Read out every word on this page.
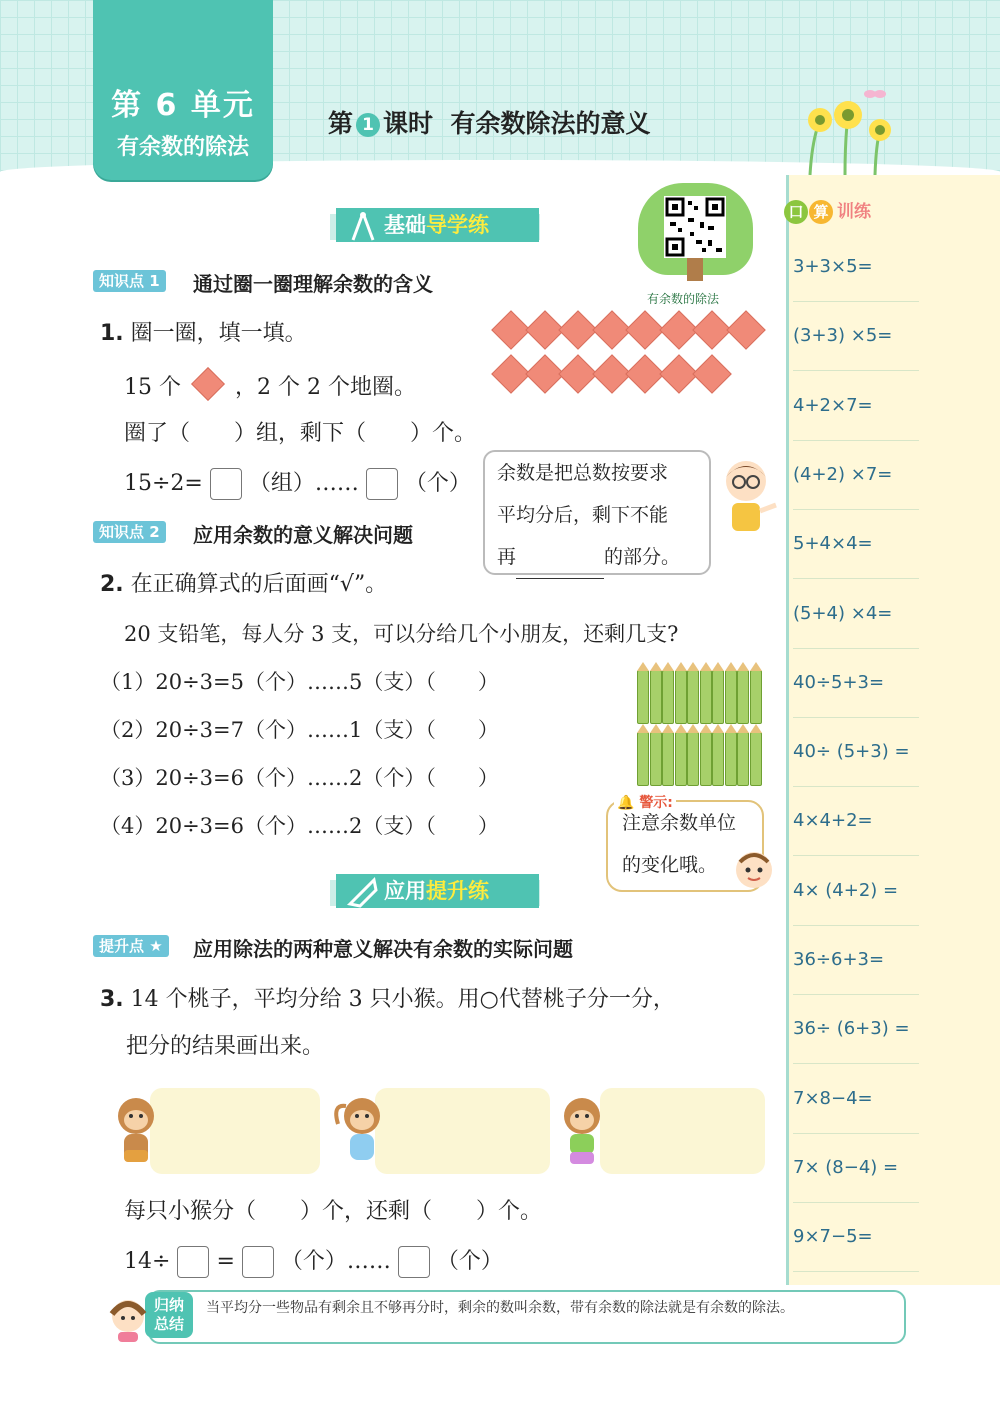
第 6 单元
有余数的除法
第 1 课时 有余数除法的意义
口 算 训练
3+3×5=
(3+3) ×5=
4+2×7=
(4+2) ×7=
5+4×4=
(5+4) ×4=
40÷5+3=
40÷ (5+3) =
4×4+2=
4× (4+2) =
36÷6+3=
36÷ (6+3) =
7×8−4=
7× (8−4) =
9×7−5=
有余数的除法
基础导学练
知识点 1	通过圈一圈理解余数的含义
1. 圈一圈，填一填。
15 个 ，2 个 2 个地圈。
圈了（　　）组，剩下（　　）个。
15÷2= （组）…… （个） 余数是把总数按要求
平均分后，剩下不能
再	的部分。
知识点 2	应用余数的意义解决问题
2. 在正确算式的后面画“√”。
20 支铅笔，每人分 3 支，可以分给几个小朋友，还剩几支?
（1）20÷3=5（个）……5（支）（　　）
（2）20÷3=7（个）……1（支）（　　）
（3）20÷3=6（个）……2（个）（　　）
（4）20÷3=6（个）……2（支）（　　）	注意余数单位
的变化哦。
🔔 警示:
应用提升练
提升点 ★	应用除法的两种意义解决有余数的实际问题
3. 14 个桃子，平均分给 3 只小猴。用○代替桃子分一分，
把分的结果画出来。
每只小猴分（　　）个，还剩（　　）个。
14÷ = （个）…… （个）
当平均分一些物品有剩余且不够再分时，剩余的数叫余数，带有余数的除法就是有余数的除法。
归纳
总结
